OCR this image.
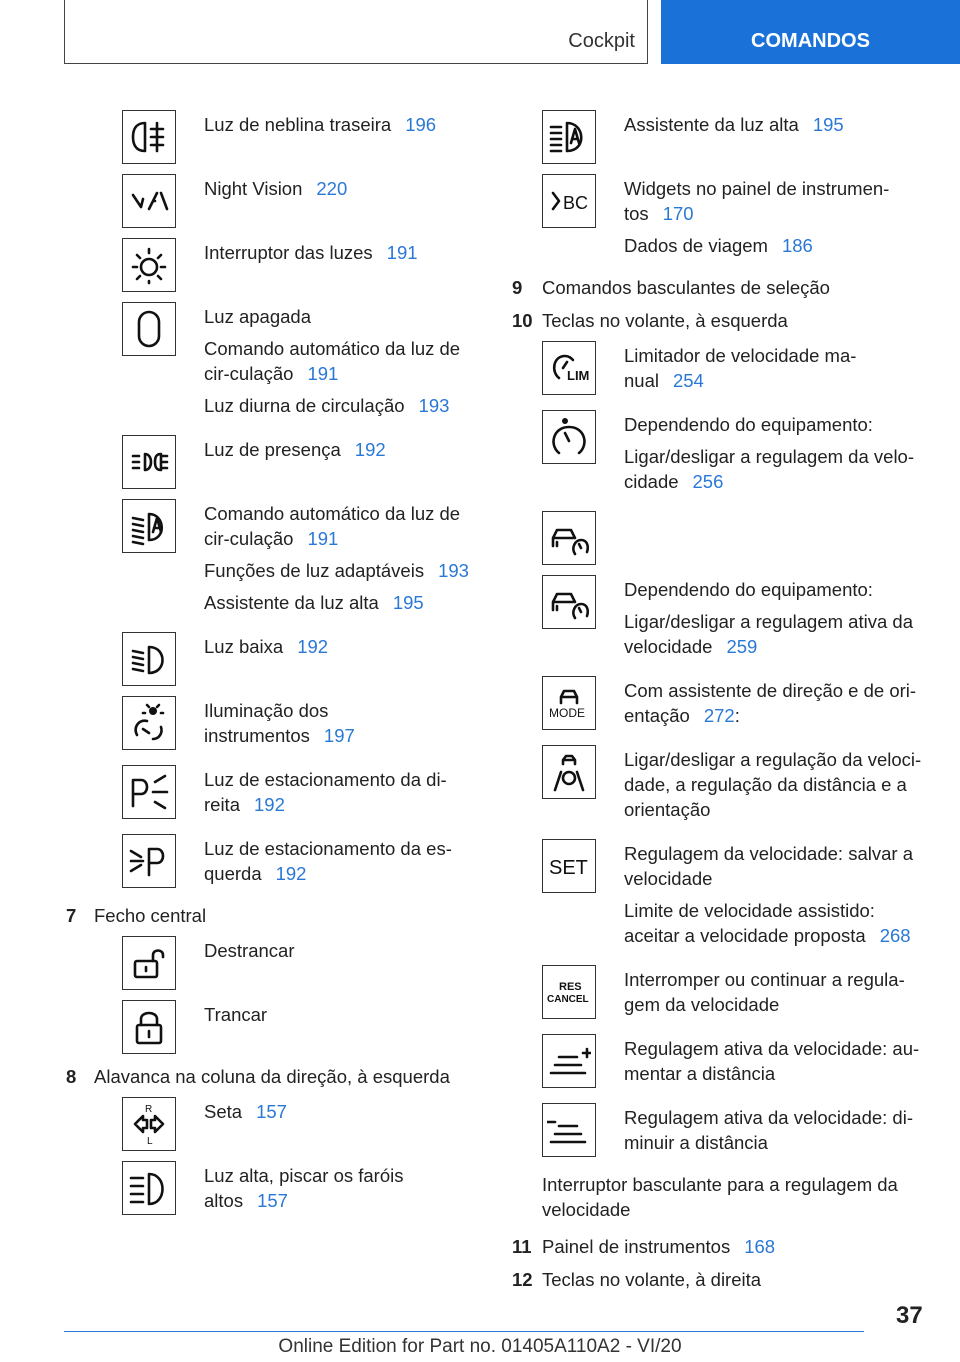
Cockpit	COMANDOS
Luz de neblina traseira 196
Night Vision 220
Interruptor das luzes 191
Luz apagada
Comando automático da luz de cir-culação 191
Luz diurna de circulação 193
Luz de presença 192
Comando automático da luz de cir-culação 191
Funções de luz adaptáveis 193
Assistente da luz alta 195
Luz baixa 192
Iluminação dos instrumentos 197
Luz de estacionamento da di-reita 192
Luz de estacionamento da es-querda 192
7 Fecho central
Destrancar
Trancar
8 Alavanca na coluna da direção, à esquerda
R
L
Seta 157
Luz alta, piscar os faróis altos 157
Assistente da luz alta 195
BC
Widgets no painel de instrumen-tos 170
Dados de viagem 186
9	Comandos basculantes de seleção
10 Teclas no volante, à esquerda
LIM
Limitador de velocidade ma-nual 254
Dependendo do equipamento:
Ligar/desligar a regulagem da velo-cidade 256
Dependendo do equipamento:
Ligar/desligar a regulagem ativa da velocidade 259
MODE
Com assistente de direção e de ori-entação 272:
Ligar/desligar a regulação da veloci-dade, a regulação da distância e a orientação
SET
Regulagem da velocidade: salvar a velocidade
Limite de velocidade assistido: aceitar a velocidade proposta 268
RES
CANCEL
Interromper ou continuar a regula-gem da velocidade
Regulagem ativa da velocidade: au-mentar a distância
Regulagem ativa da velocidade: di-minuir a distância
Interruptor basculante para a regulagem da velocidade
11 Painel de instrumentos 168
12 Teclas no volante, à direita
37
Online Edition for Part no. 01405A110A2 - VI/20
